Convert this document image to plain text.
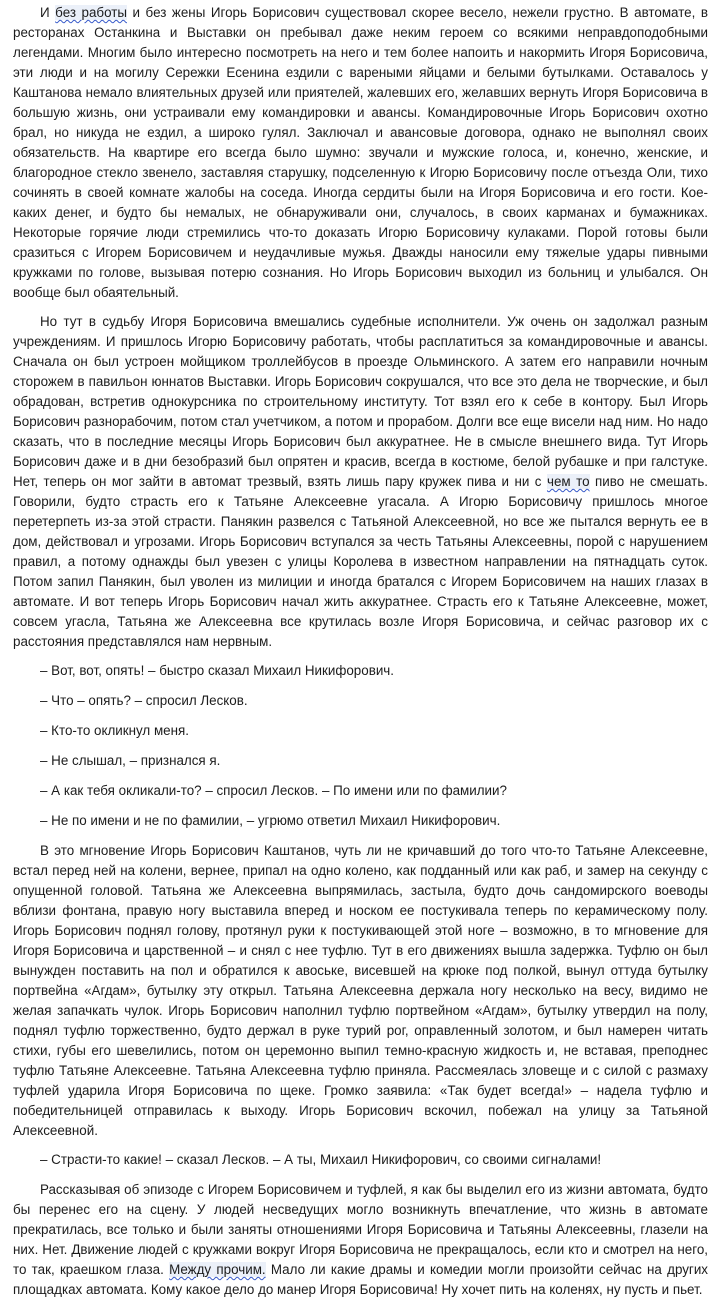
И без работы и без жены Игорь Борисович существовал скорее весело, нежели грустно. В автомате, в ресторанах Останкина и Выставки он пребывал даже неким героем со всякими неправдоподобными легендами. Многим было интересно посмотреть на него и тем более напоить и накормить Игоря Борисовича, эти люди и на могилу Сережки Есенина ездили с вареными яйцами и белыми бутылками. Оставалось у Каштанова немало влиятельных друзей или приятелей, жалевших его, желавших вернуть Игоря Борисовича в большую жизнь, они устраивали ему командировки и авансы. Командировочные Игорь Борисович охотно брал, но никуда не ездил, а широко гулял. Заключал и авансовые договора, однако не выполнял своих обязательств. На квартире его всегда было шумно: звучали и мужские голоса, и, конечно, женские, и благородное стекло звенело, заставляя старушку, подселенную к Игорю Борисовичу после отъезда Оли, тихо сочинять в своей комнате жалобы на соседа. Иногда сердиты были на Игоря Борисовича и его гости. Кое-каких денег, и будто бы немалых, не обнаруживали они, случалось, в своих карманах и бумажниках. Некоторые горячие люди стремились что-то доказать Игорю Борисовичу кулаками. Порой готовы были сразиться с Игорем Борисовичем и неудачливые мужья. Дважды наносили ему тяжелые удары пивными кружками по голове, вызывая потерю сознания. Но Игорь Борисович выходил из больниц и улыбался. Он вообще был обаятельный.

Но тут в судьбу Игоря Борисовича вмешались судебные исполнители. Уж очень он задолжал разным учреждениям. И пришлось Игорю Борисовичу работать, чтобы расплатиться за командировочные и авансы. Сначала он был устроен мойщиком троллейбусов в проезде Ольминского. А затем его направили ночным сторожем в павильон юннатов Выставки. Игорь Борисович сокрушался, что все это дела не творческие, и был обрадован, встретив однокурсника по строительному институту. Тот взял его к себе в контору. Был Игорь Борисович разнорабочим, потом стал учетчиком, а потом и прорабом. Долги все еще висели над ним. Но надо сказать, что в последние месяцы Игорь Борисович был аккуратнее. Не в смысле внешнего вида. Тут Игорь Борисович даже и в дни безобразий был опрятен и красив, всегда в костюме, белой рубашке и при галстуке. Нет, теперь он мог зайти в автомат трезвый, взять лишь пару кружек пива и ни с чем то пиво не смешать. Говорили, будто страсть его к Татьяне Алексеевне угасала. А Игорю Борисовичу пришлось многое перетерпеть из-за этой страсти. Панякин развелся с Татьяной Алексеевной, но все же пытался вернуть ее в дом, действовал и угрозами. Игорь Борисович вступался за честь Татьяны Алексеевны, порой с нарушением правил, а потому однажды был увезен с улицы Королева в известном направлении на пятнадцать суток. Потом запил Панякин, был уволен из милиции и иногда братался с Игорем Борисовичем на наших глазах в автомате. И вот теперь Игорь Борисович начал жить аккуратнее. Страсть его к Татьяне Алексеевне, может, совсем угасла, Татьяна же Алексеевна все крутилась возле Игоря Борисовича, и сейчас разговор их с расстояния представлялся нам нервным.

– Вот, вот, опять! – быстро сказал Михаил Никифорович.

– Что – опять? – спросил Лесков.

– Кто-то окликнул меня.

– Не слышал, – признался я.

– А как тебя окликали-то? – спросил Лесков. – По имени или по фамилии?

– Не по имени и не по фамилии, – угрюмо ответил Михаил Никифорович.

В это мгновение Игорь Борисович Каштанов, чуть ли не кричавший до того что-то Татьяне Алексеевне, встал перед ней на колени, вернее, припал на одно колено, как подданный или как раб, и замер на секунду с опущенной головой. Татьяна же Алексеевна выпрямилась, застыла, будто дочь сандомирского воеводы вблизи фонтана, правую ногу выставила вперед и носком ее постукивала теперь по керамическому полу. Игорь Борисович поднял голову, протянул руки к постукивающей этой ноге – возможно, в то мгновение для Игоря Борисовича и царственной – и снял с нее туфлю. Тут в его движениях вышла задержка. Туфлю он был вынужден поставить на пол и обратился к авоське, висевшей на крюке под полкой, вынул оттуда бутылку портвейна «Агдам», бутылку эту открыл. Татьяна Алексеевна держала ногу несколько на весу, видимо не желая запачкать чулок. Игорь Борисович наполнил туфлю портвейном «Агдам», бутылку утвердил на полу, поднял туфлю торжественно, будто держал в руке турий рог, оправленный золотом, и был намерен читать стихи, губы его шевелились, потом он церемонно выпил темно-красную жидкость и, не вставая, преподнес туфлю Татьяне Алексеевне. Татьяна Алексеевна туфлю приняла. Рассмеялась зловеще и с силой с размаху туфлей ударила Игоря Борисовича по щеке. Громко заявила: «Так будет всегда!» – надела туфлю и победительницей отправилась к выходу. Игорь Борисович вскочил, побежал на улицу за Татьяной Алексеевной.

– Страсти-то какие! – сказал Лесков. – А ты, Михаил Никифорович, со своими сигналами!

Рассказывая об эпизоде с Игорем Борисовичем и туфлей, я как бы выделил его из жизни автомата, будто бы перенес его на сцену. У людей несведущих могло возникнуть впечатление, что жизнь в автомате прекратилась, все только и были заняты отношениями Игоря Борисовича и Татьяны Алексеевны, глазели на них. Нет. Движение людей с кружками вокруг Игоря Борисовича не прекращалось, если кто и смотрел на него, то так, краешком глаза. Между прочим. Мало ли какие драмы и комедии могли произойти сейчас на других площадках автомата. Кому какое дело до манер Игоря Борисовича! Ну хочет пить на коленях, ну пусть и пьет.
